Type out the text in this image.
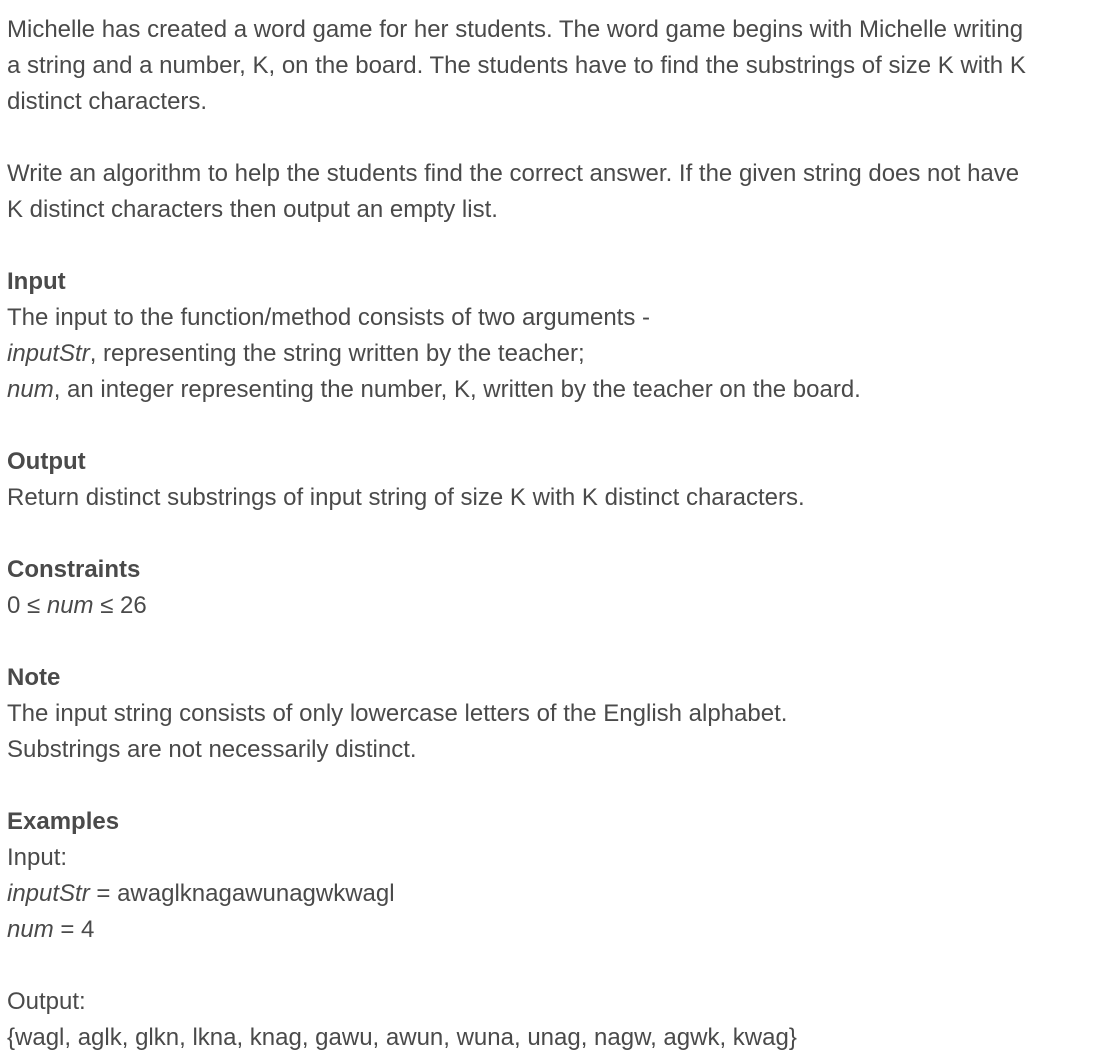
Michelle has created a word game for her students. The word game begins with Michelle writing
a string and a number, K, on the board. The students have to find the substrings of size K with K
distinct characters.

Write an algorithm to help the students find the correct answer. If the given string does not have
K distinct characters then output an empty list.

Input

The input to the function/method consists of two arguments -
inputStr, representing the string written by the teacher;
num, an integer representing the number, K, written by the teacher on the board.

Output

Return distinct substrings of input string of size K with K distinct characters.

Constraints

0 ≤ num ≤ 26

Note

The input string consists of only lowercase letters of the English alphabet.
Substrings are not necessarily distinct.

Examples

Input:
inputStr = awaglknagawunagwkwagl
num = 4

Output:
{wagl, aglk, glkn, lkna, knag, gawu, awun, wuna, unag, nagw, agwk, kwag}
